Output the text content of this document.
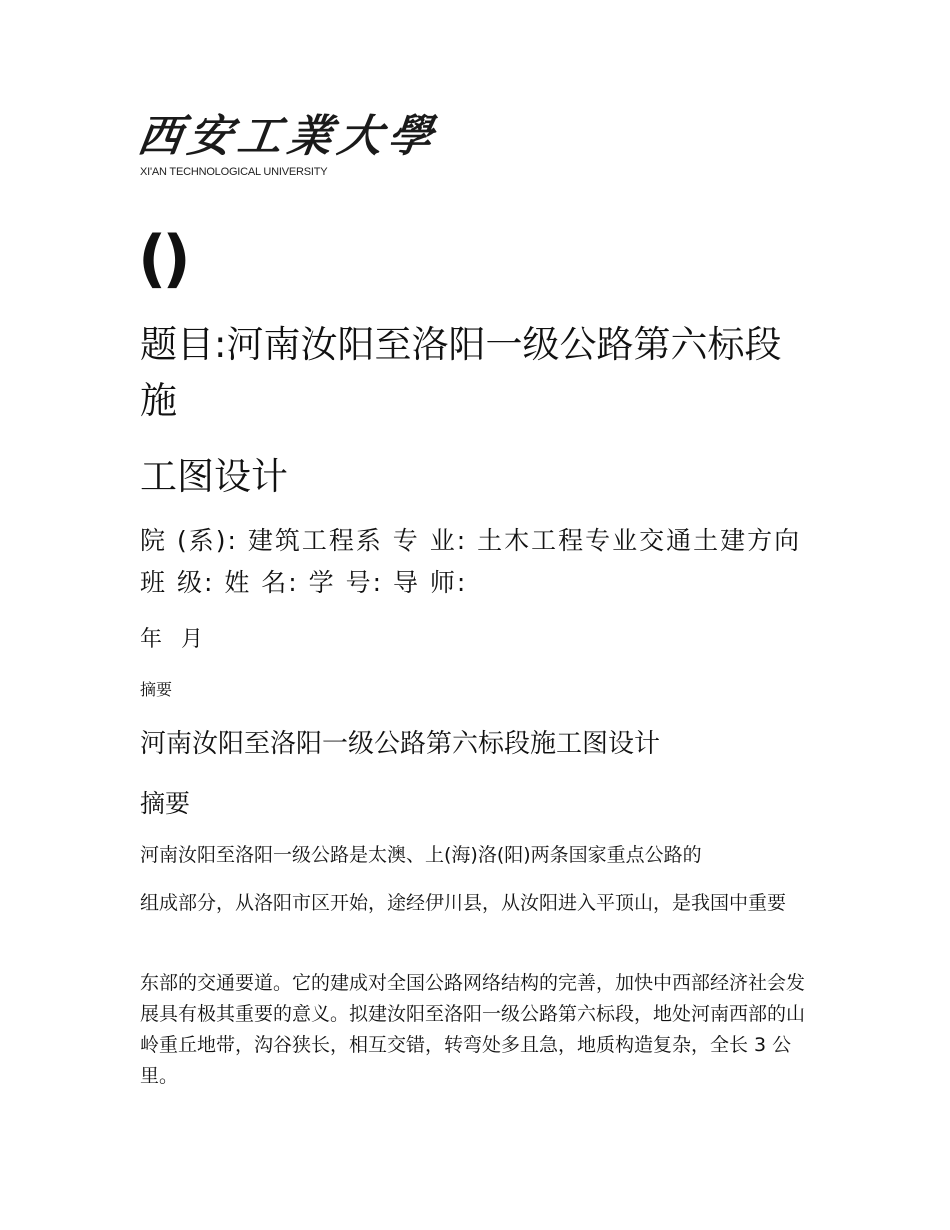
西安工業大學
XI'AN TECHNOLOGICAL UNIVERSITY
()
题目:河南汝阳至洛阳一级公路第六标段
施
工图设计
院 (系): 建筑工程系 专 业: 土木工程专业交通土建方向 班 级: 姓 名: 学 号: 导 师:
年 月
摘要
河南汝阳至洛阳一级公路第六标段施工图设计
摘要
河南汝阳至洛阳一级公路是太澳、上(海)洛(阳)两条国家重点公路的
组成部分，从洛阳市区开始，途经伊川县，从汝阳进入平顶山，是我国中重要
东部的交通要道。它的建成对全国公路网络结构的完善，加快中西部经济社会发展具有极其重要的意义。拟建汝阳至洛阳一级公路第六标段，地处河南西部的山岭重丘地带，沟谷狭长，相互交错，转弯处多且急，地质构造复杂，全长 3 公里。
